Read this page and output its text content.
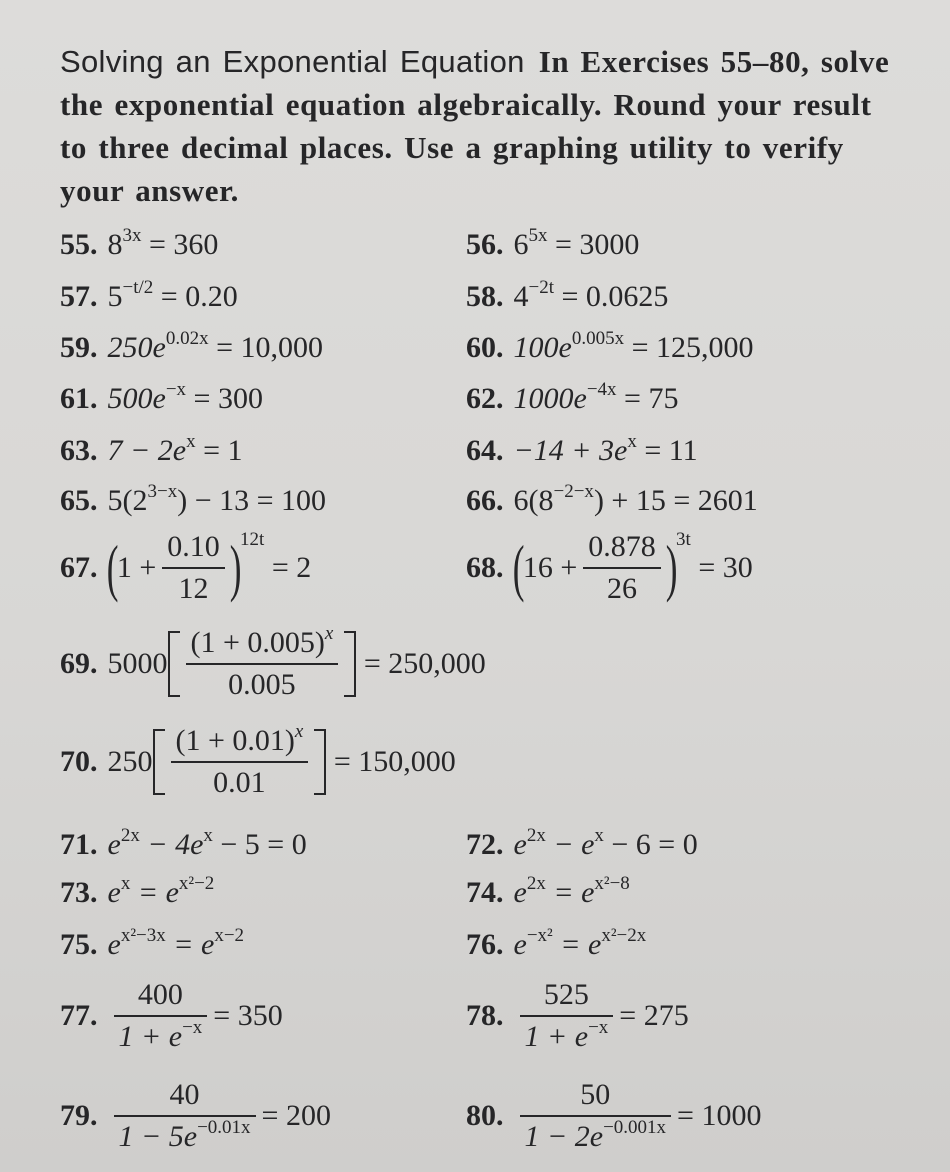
Solving an Exponential Equation In Exercises 55–80, solve the exponential equation algebraically. Round your result to three decimal places. Use a graphing utility to verify your answer.
55. $8^{3x} = 360$	56. $6^{5x} = 3000$
57. $5^{-t/2} = 0.20$	58. $4^{-2t} = 0.0625$
59. $250e^{0.02x} = 10,000$	60. $100e^{0.005x} = 125,000$
61. $500e^{-x} = 300$	62. $1000e^{-4x} = 75$
63. $7 - 2e^x = 1$	64. $-14 + 3e^x = 11$
65. $5(2^{3-x}) - 13 = 100$	66. $6(8^{-2-x}) + 15 = 2601$
67. $(1 + \frac{0.10}{12} )^{12t} = 2$	68. $(16 + \frac{0.878}{26} )^{3t} = 30$
69. $5000 \frac{(1 + 0.005)^x}{0.005} = 250,000$
70. $250 \frac{(1 + 0.01)^x}{0.01} = 150,000$
71. $e^{2x} - 4e^x - 5 = 0$	72. $e^{2x} - e^x - 6 = 0$
73. $e^x = e^{x^2-2}$	74. $e^{2x} = e^{x^2-8}$
75. $e^{x^2-3x} = e^{x-2}$	76. $e^{-x^2} = e^{x^2-2x}$
77. $\frac{400}{1 + e^{-x}} = 350$	78. $\frac{525}{1 + e^{-x}} = 275$
79. $\frac{40}{1 - 5e^{-0.01x}} = 200$	80. $\frac{50}{1 - 2e^{-0.001x}} = 1000$
